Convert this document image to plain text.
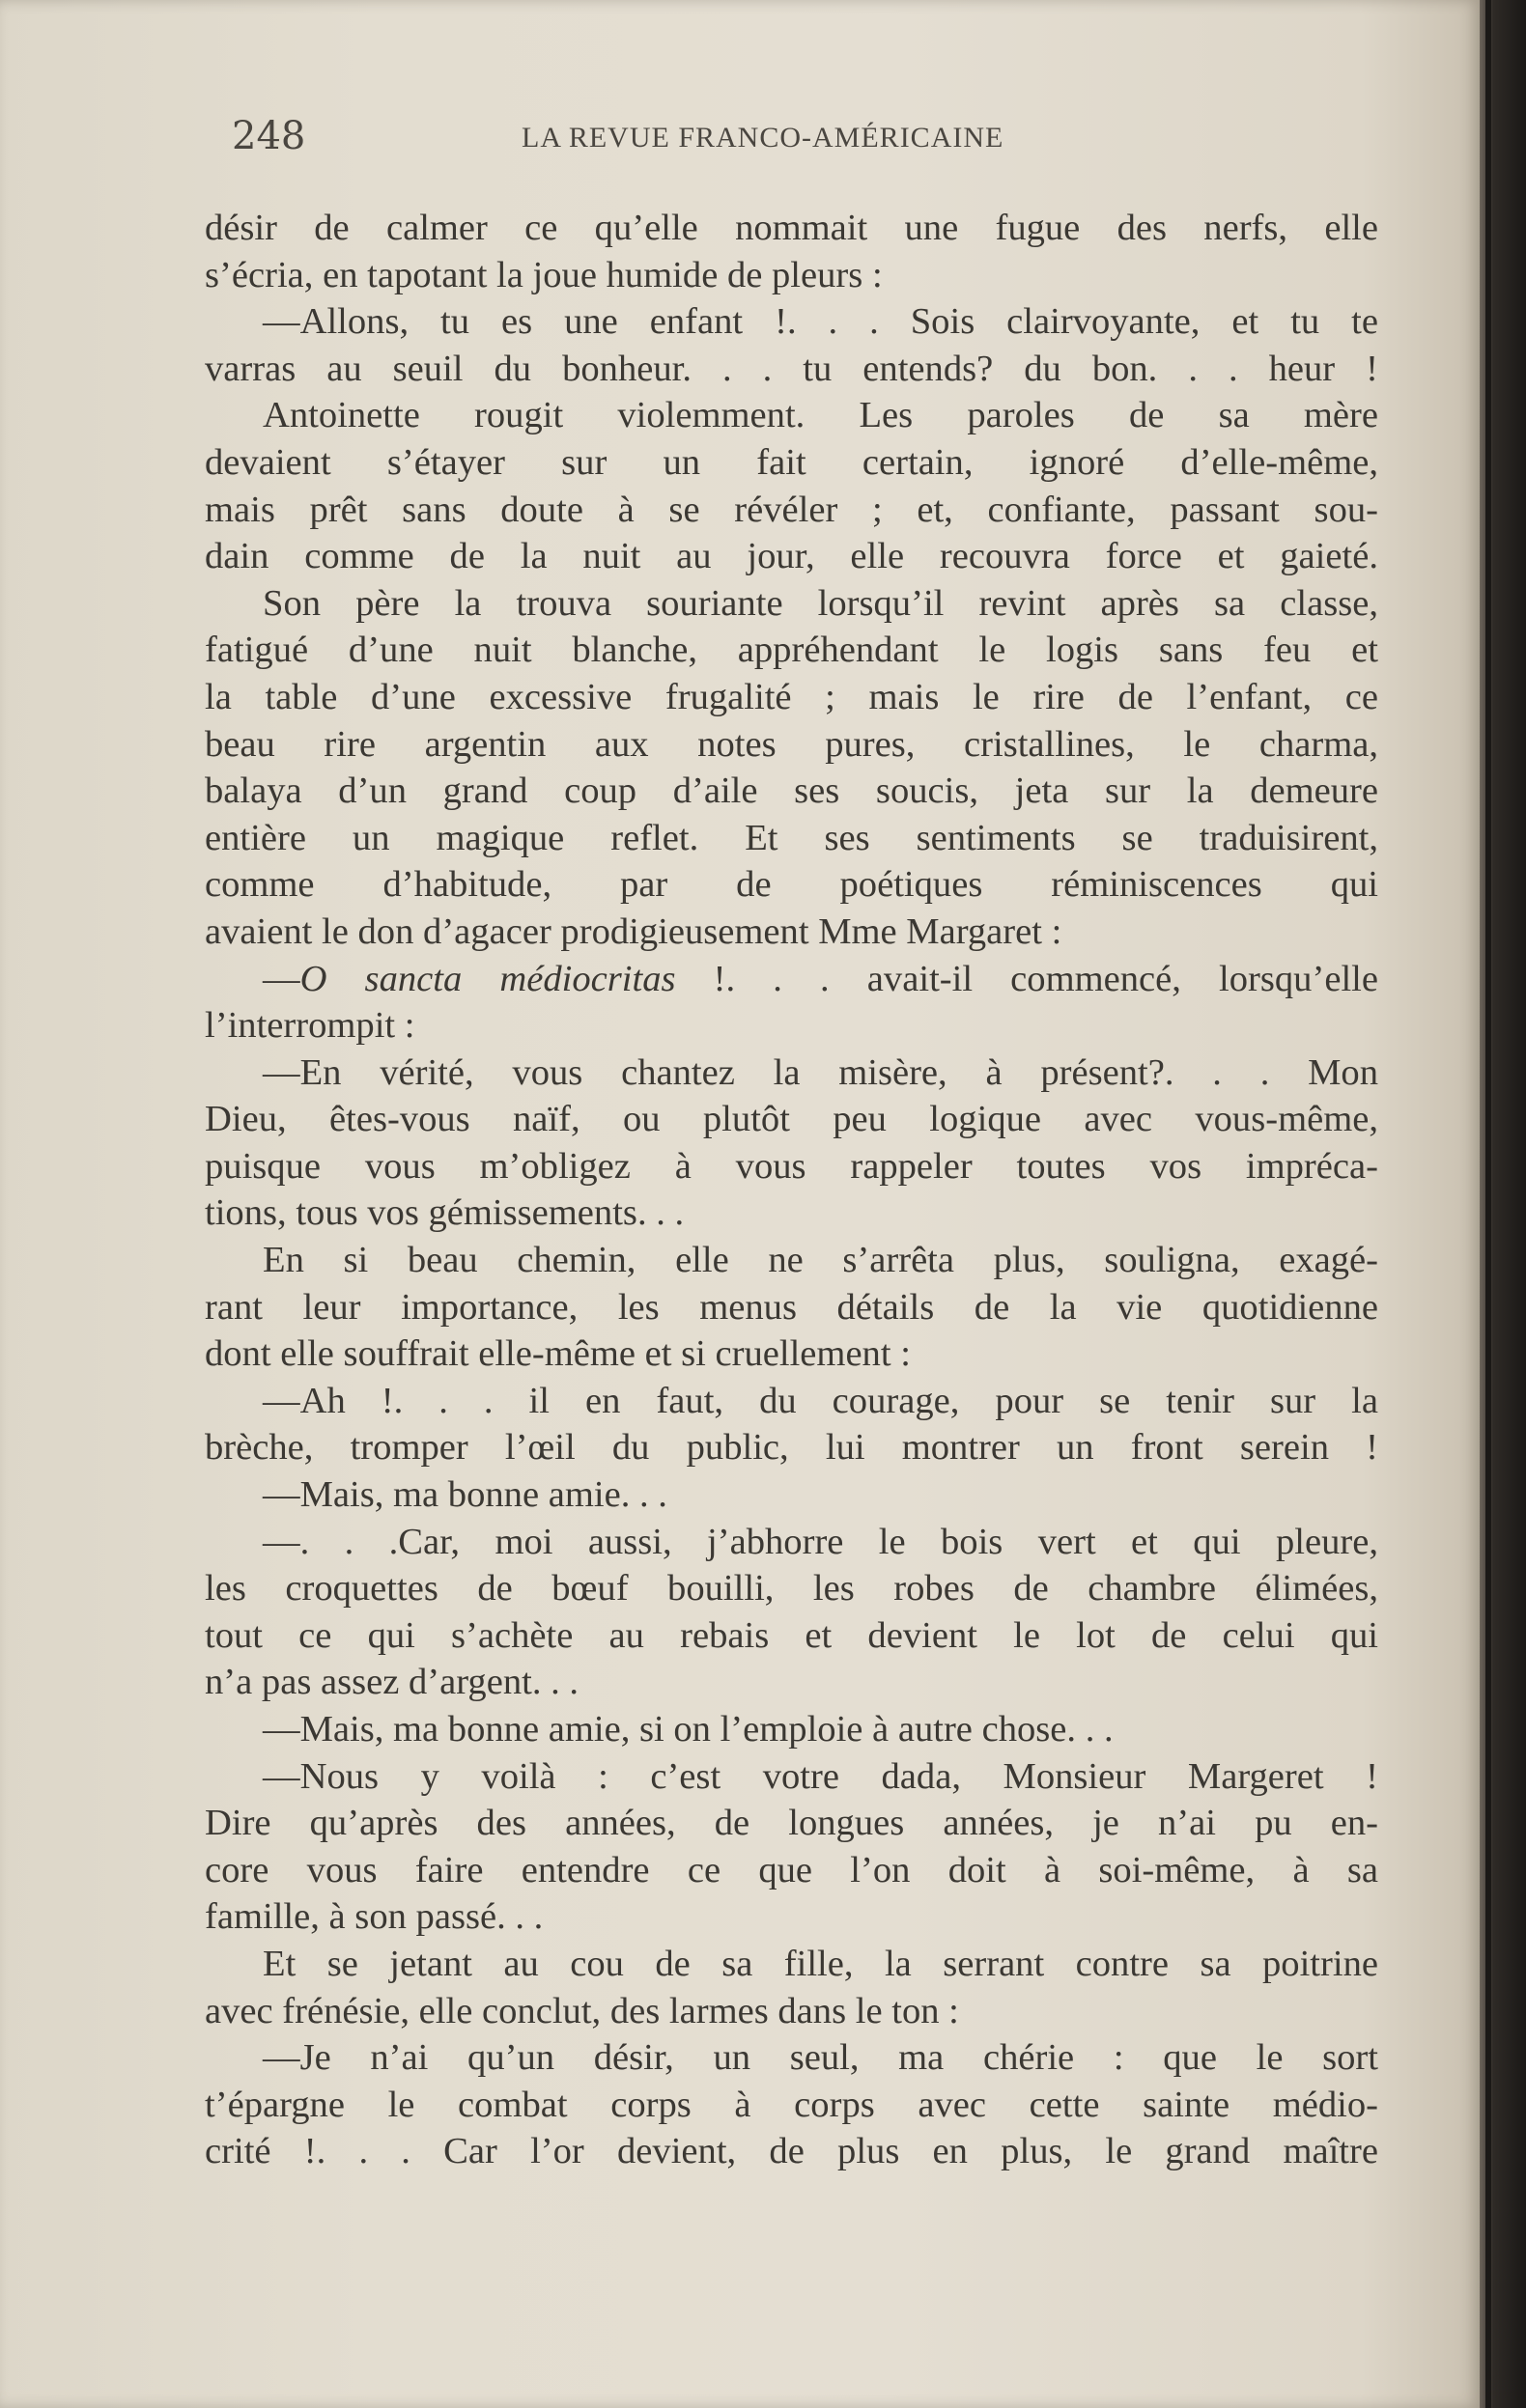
248	LA REVUE FRANCO-AMÉRICAINE
désir de calmer ce qu’elle nommait une fugue des nerfs, elle
s’écria, en tapotant la joue humide de pleurs :
—Allons, tu es une enfant !. . . Sois clairvoyante, et tu te
varras au seuil du bonheur. . . tu entends? du bon. . . heur !
Antoinette rougit violemment. Les paroles de sa mère
devaient s’étayer sur un fait certain, ignoré d’elle-même,
mais prêt sans doute à se révéler ; et, confiante, passant sou-
dain comme de la nuit au jour, elle recouvra force et gaieté.
Son père la trouva souriante lorsqu’il revint après sa classe,
fatigué d’une nuit blanche, appréhendant le logis sans feu et
la table d’une excessive frugalité ; mais le rire de l’enfant, ce
beau rire argentin aux notes pures, cristallines, le charma,
balaya d’un grand coup d’aile ses soucis, jeta sur la demeure
entière un magique reflet. Et ses sentiments se traduisirent,
comme d’habitude, par de poétiques réminiscences qui
avaient le don d’agacer prodigieusement Mme Margaret :
—O sancta médiocritas !. . . avait-il commencé, lorsqu’elle
l’interrompit :
—En vérité, vous chantez la misère, à présent?. . . Mon
Dieu, êtes-vous naïf, ou plutôt peu logique avec vous-même,
puisque vous m’obligez à vous rappeler toutes vos impréca-
tions, tous vos gémissements. . .
En si beau chemin, elle ne s’arrêta plus, souligna, exagé-
rant leur importance, les menus détails de la vie quotidienne
dont elle souffrait elle-même et si cruellement :
—Ah !. . . il en faut, du courage, pour se tenir sur la
brèche, tromper l’œil du public, lui montrer un front serein !
—Mais, ma bonne amie. . .
—. . .Car, moi aussi, j’abhorre le bois vert et qui pleure,
les croquettes de bœuf bouilli, les robes de chambre élimées,
tout ce qui s’achète au rebais et devient le lot de celui qui
n’a pas assez d’argent. . .
—Mais, ma bonne amie, si on l’emploie à autre chose. . .
—Nous y voilà : c’est votre dada, Monsieur Margeret !
Dire qu’après des années, de longues années, je n’ai pu en-
core vous faire entendre ce que l’on doit à soi-même, à sa
famille, à son passé. . .
Et se jetant au cou de sa fille, la serrant contre sa poitrine
avec frénésie, elle conclut, des larmes dans le ton :
—Je n’ai qu’un désir, un seul, ma chérie : que le sort
t’épargne le combat corps à corps avec cette sainte médio-
crité !. . . Car l’or devient, de plus en plus, le grand maître
